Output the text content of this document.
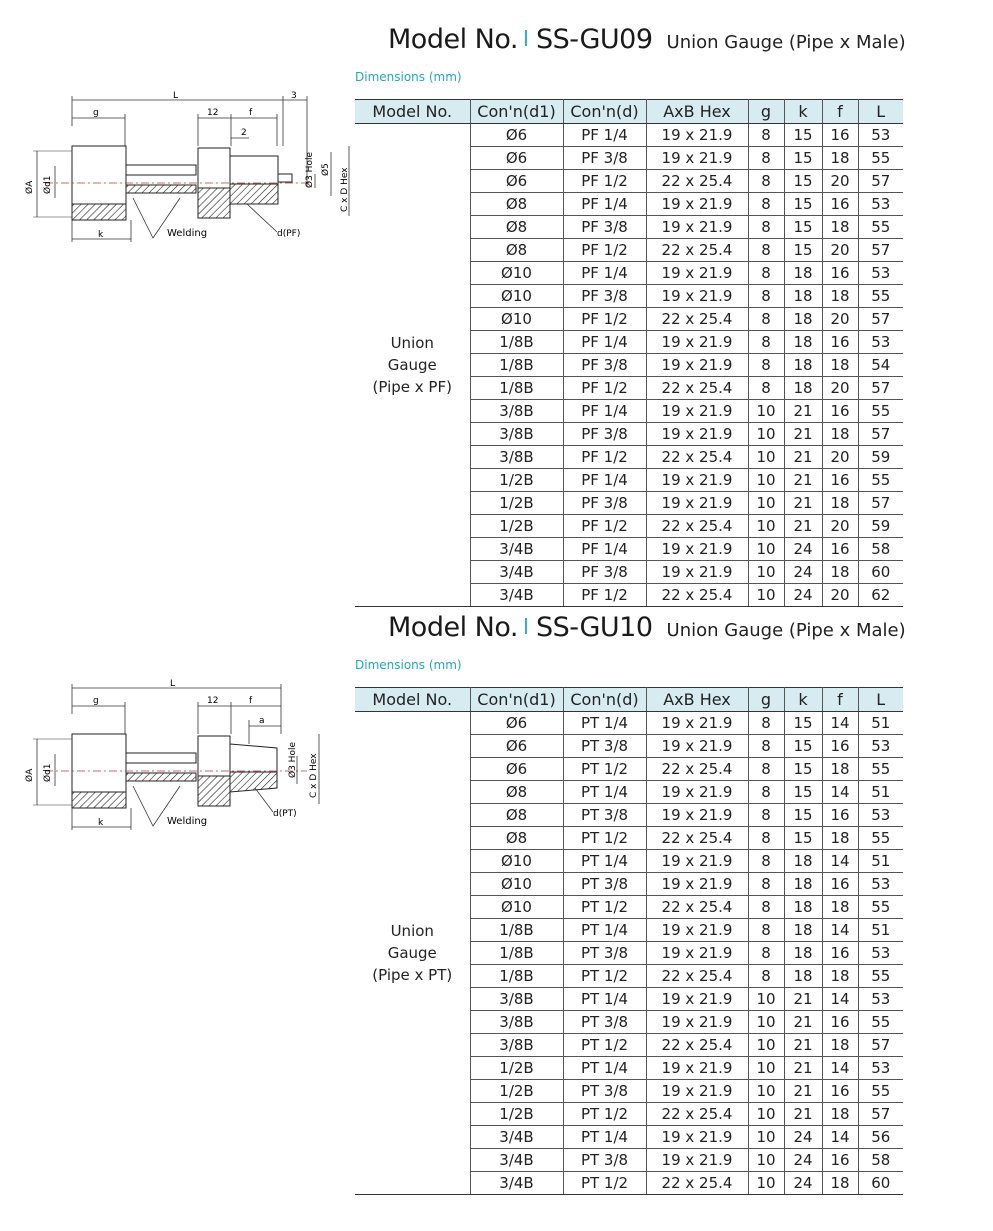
Model No. SS-GU09 Union Gauge (Pipe x Male)
Dimensions (mm)
L	3
g	12	f
2
ØA Ød1	Ø3 Hole Ø5 C x D Hex
k	Welding	d(PF)
Model No.	Con'n(d1)	Con'n(d)	AxB Hex	g	k	f	L

Union
Gauge
(Pipe x PF)	Ø6	PF 1/4	19 x 21.9	8	15	16	53
	Ø6	PF 3/8	19 x 21.9	8	15	18	55
	Ø6	PF 1/2	22 x 25.4	8	15	20	57
	Ø8	PF 1/4	19 x 21.9	8	15	16	53
	Ø8	PF 3/8	19 x 21.9	8	15	18	55
	Ø8	PF 1/2	22 x 25.4	8	15	20	57
	Ø10	PF 1/4	19 x 21.9	8	18	16	53
	Ø10	PF 3/8	19 x 21.9	8	18	18	55
	Ø10	PF 1/2	22 x 25.4	8	18	20	57
	1/8B	PF 1/4	19 x 21.9	8	18	16	53
	1/8B	PF 3/8	19 x 21.9	8	18	18	54
	1/8B	PF 1/2	22 x 25.4	8	18	20	57
	3/8B	PF 1/4	19 x 21.9	10	21	16	55
	3/8B	PF 3/8	19 x 21.9	10	21	18	57
	3/8B	PF 1/2	22 x 25.4	10	21	20	59
	1/2B	PF 1/4	19 x 21.9	10	21	16	55
	1/2B	PF 3/8	19 x 21.9	10	21	18	57
	1/2B	PF 1/2	22 x 25.4	10	21	20	59
	3/4B	PF 1/4	19 x 21.9	10	24	16	58
	3/4B	PF 3/8	19 x 21.9	10	24	18	60
	3/4B	PF 1/2	22 x 25.4	10	24	20	62
Model No. SS-GU10 Union Gauge (Pipe x Male)
Dimensions (mm)
L
g	12	f
a
ØA Ød1	Ø3 Hole C x D Hex
k	Welding
d(PT)
Model No.	Con'n(d1)	Con'n(d)	AxB Hex	g	k	f	L

Union
Gauge
(Pipe x PT)	Ø6	PT 1/4	19 x 21.9	8	15	14	51
	Ø6	PT 3/8	19 x 21.9	8	15	16	53
	Ø6	PT 1/2	22 x 25.4	8	15	18	55
	Ø8	PT 1/4	19 x 21.9	8	15	14	51
	Ø8	PT 3/8	19 x 21.9	8	15	16	53
	Ø8	PT 1/2	22 x 25.4	8	15	18	55
	Ø10	PT 1/4	19 x 21.9	8	18	14	51
	Ø10	PT 3/8	19 x 21.9	8	18	16	53
	Ø10	PT 1/2	22 x 25.4	8	18	18	55
	1/8B	PT 1/4	19 x 21.9	8	18	14	51
	1/8B	PT 3/8	19 x 21.9	8	18	16	53
	1/8B	PT 1/2	22 x 25.4	8	18	18	55
	3/8B	PT 1/4	19 x 21.9	10	21	14	53
	3/8B	PT 3/8	19 x 21.9	10	21	16	55
	3/8B	PT 1/2	22 x 25.4	10	21	18	57
	1/2B	PT 1/4	19 x 21.9	10	21	14	53
	1/2B	PT 3/8	19 x 21.9	10	21	16	55
	1/2B	PT 1/2	22 x 25.4	10	21	18	57
	3/4B	PT 1/4	19 x 21.9	10	24	14	56
	3/4B	PT 3/8	19 x 21.9	10	24	16	58
	3/4B	PT 1/2	22 x 25.4	10	24	18	60
